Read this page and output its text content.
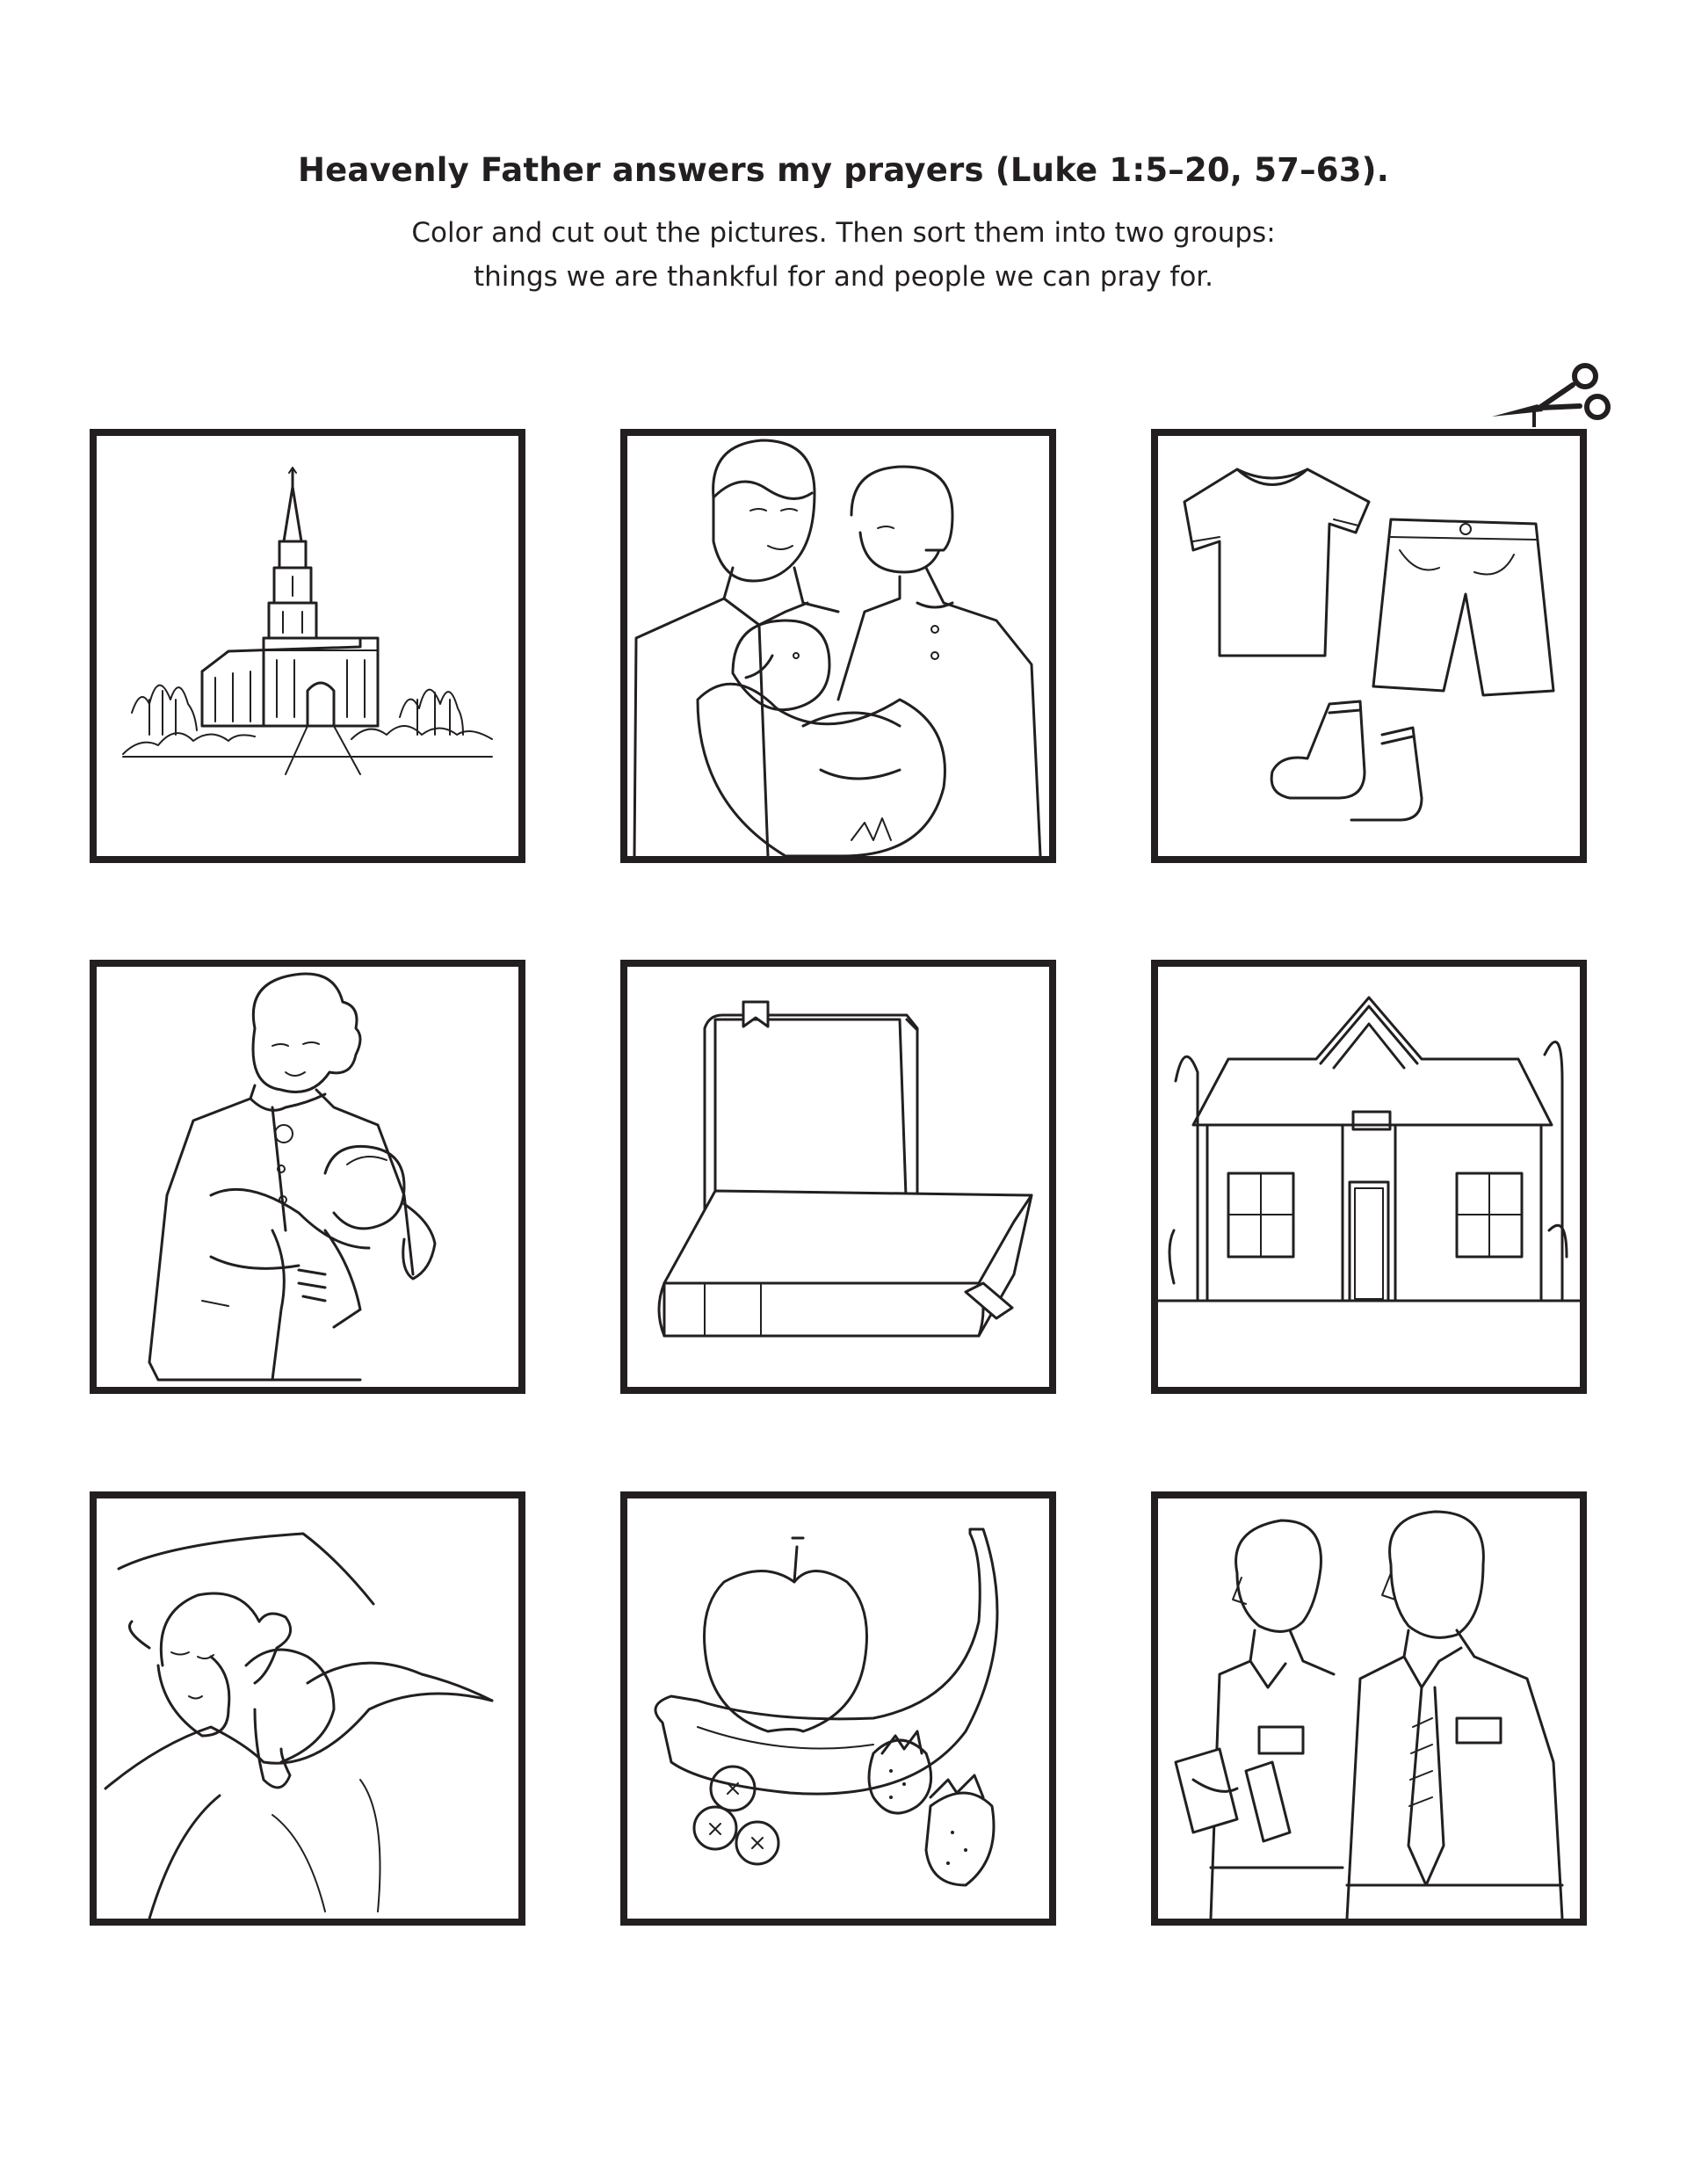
Heavenly Father answers my prayers (Luke 1:5–20, 57–63).
Color and cut out the pictures. Then sort them into two groups:
things we are thankful for and people we can pray for.
